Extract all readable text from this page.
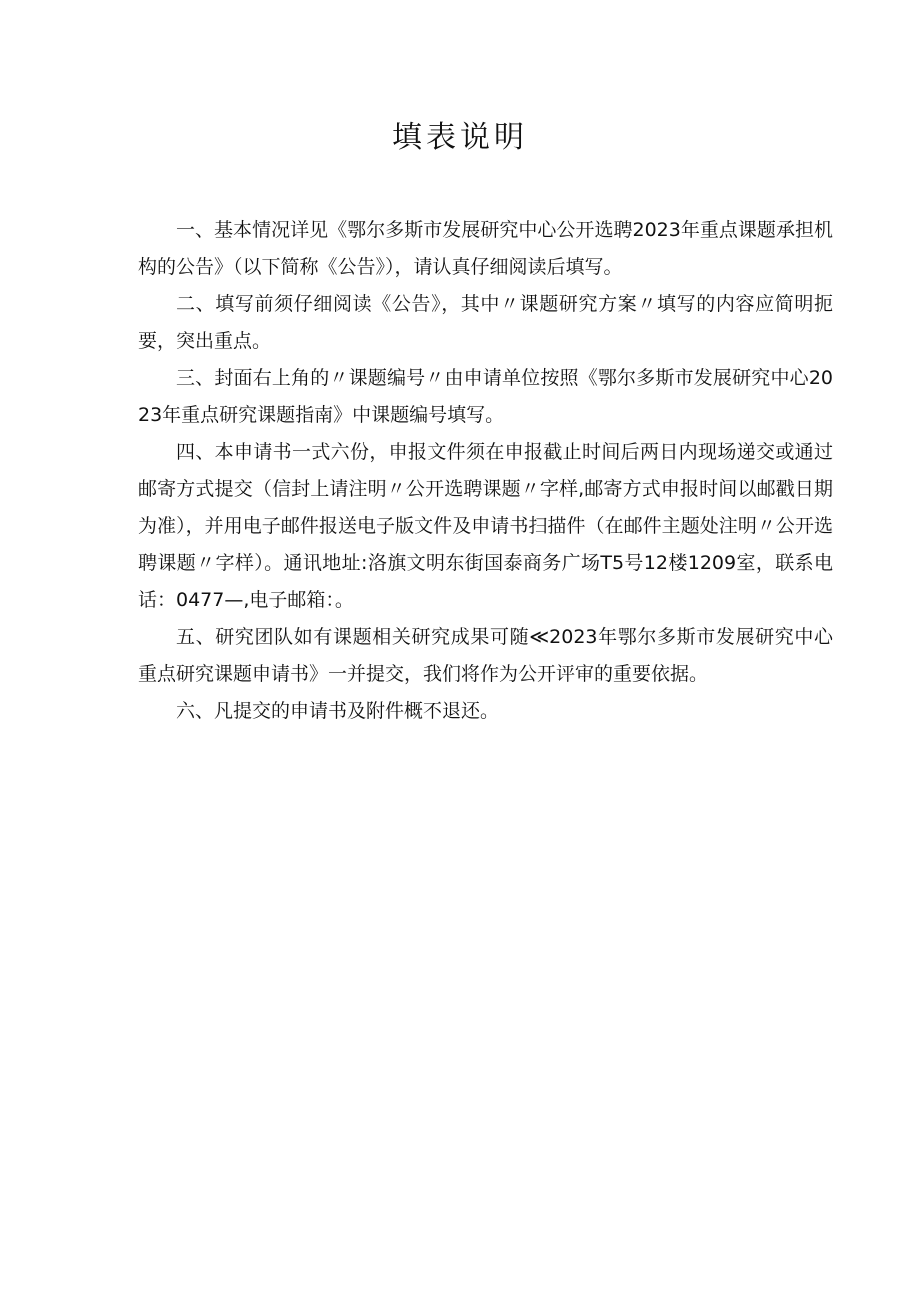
填表说明

一、基本情况详见《鄂尔多斯市发展研究中心公开选聘2023年重点课题承担机构的公告》（以下简称《公告》），请认真仔细阅读后填写。

二、填写前须仔细阅读《公告》，其中〃课题研究方案〃填写的内容应简明扼要，突出重点。

三、封面右上角的〃课题编号〃由申请单位按照《鄂尔多斯市发展研究中心2023年重点研究课题指南》中课题编号填写。

四、本申请书一式六份，申报文件须在申报截止时间后两日内现场递交或通过邮寄方式提交（信封上请注明〃公开选聘课题〃字样,邮寄方式申报时间以邮戳日期为准），并用电子邮件报送电子版文件及申请书扫描件（在邮件主题处注明〃公开选聘课题〃字样）。通讯地址:洛旗文明东街国泰商务广场T5号12楼1209室，联系电话：0477—,电子邮箱：。

五、研究团队如有课题相关研究成果可随≪2023年鄂尔多斯市发展研究中心重点研究课题申请书》一并提交，我们将作为公开评审的重要依据。

六、凡提交的申请书及附件概不退还。
